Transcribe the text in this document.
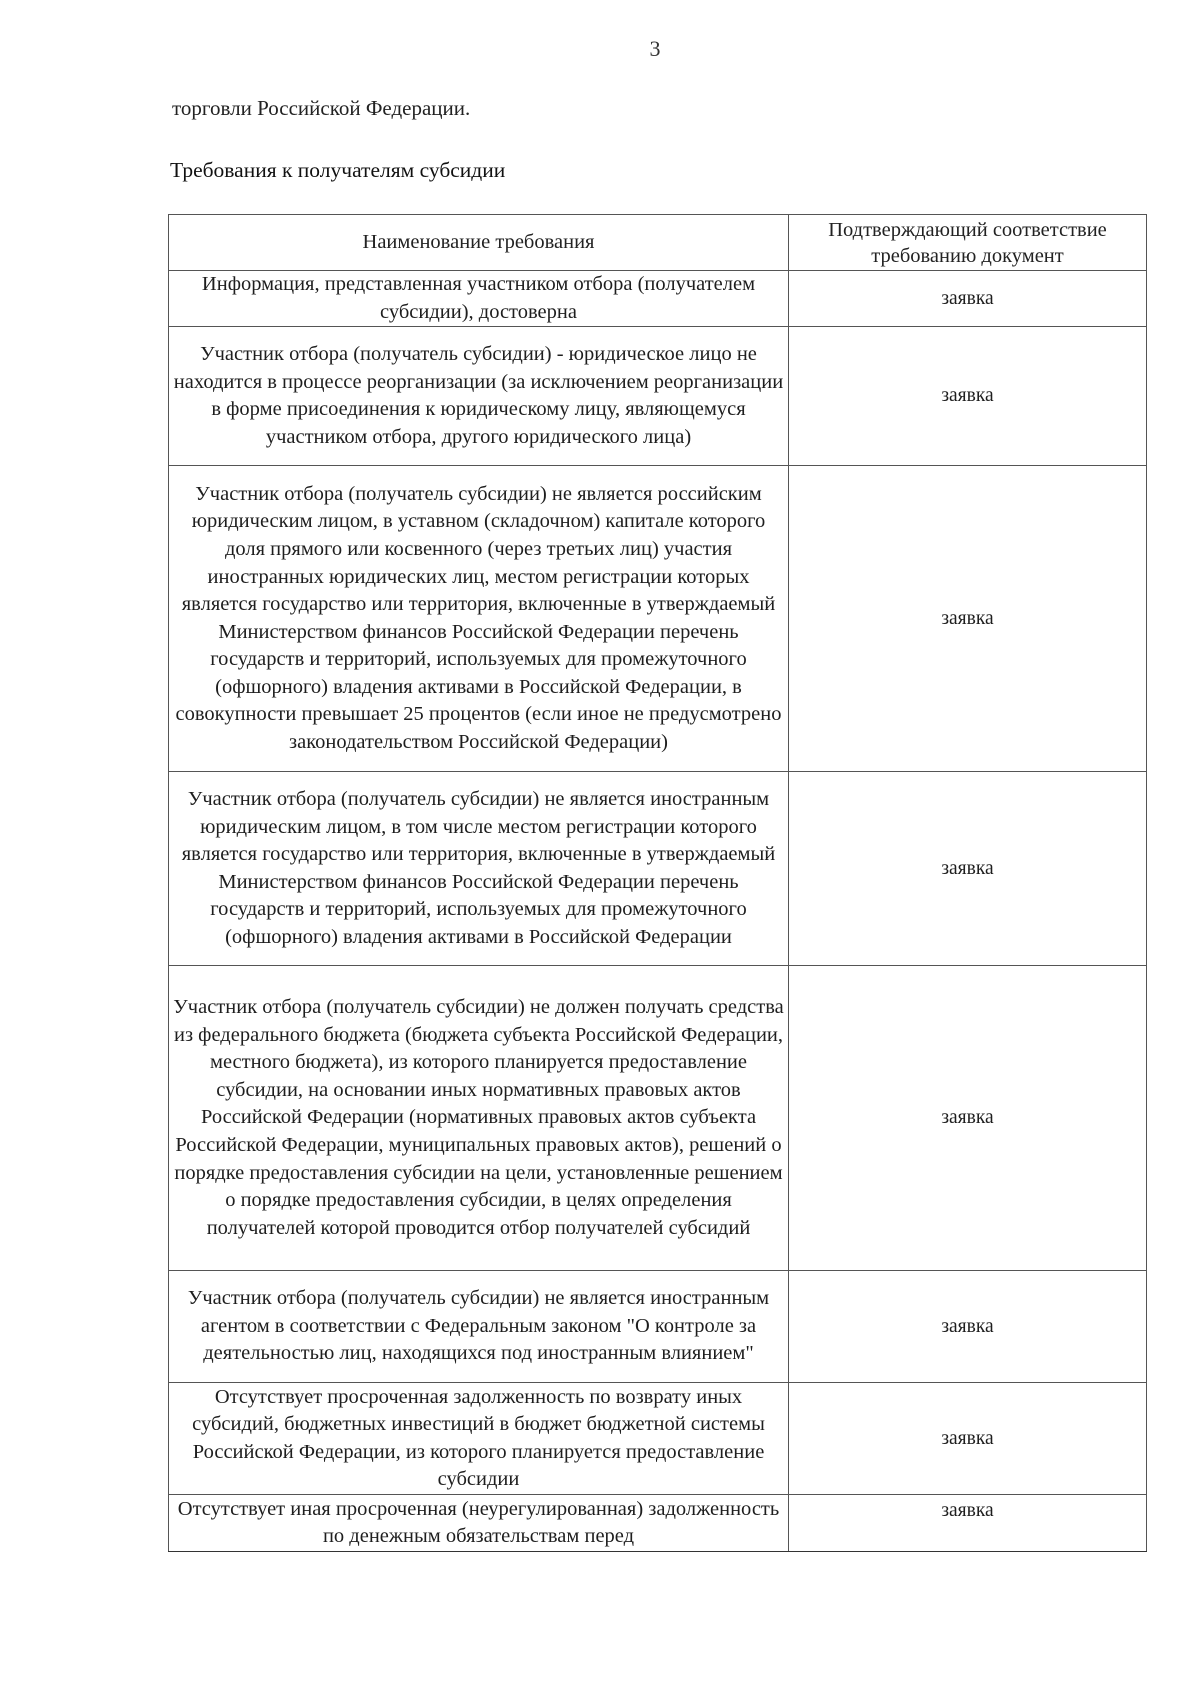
3
торговли Российской Федерации.
Требования к получателям субсидии
Наименование требования	Подтверждающий соответствие требованию документ
Информация, представленная участником отбора (получателем субсидии), достоверна	заявка
Участник отбора (получатель субсидии) - юридическое лицо не находится в процессе реорганизации (за исключением реорганизации в форме присоединения к юридическому лицу, являющемуся участником отбора, другого юридического лица)	заявка
Участник отбора (получатель субсидии) не является российским юридическим лицом, в уставном (складочном) капитале которого доля прямого или косвенного (через третьих лиц) участия иностранных юридических лиц, местом регистрации которых является государство или территория, включенные в утверждаемый Министерством финансов Российской Федерации перечень государств и территорий, используемых для промежуточного (офшорного) владения активами в Российской Федерации, в совокупности превышает 25 процентов (если иное не предусмотрено законодательством Российской Федерации)	заявка
Участник отбора (получатель субсидии) не является иностранным юридическим лицом, в том числе местом регистрации которого является государство или территория, включенные в утверждаемый Министерством финансов Российской Федерации перечень государств и территорий, используемых для промежуточного (офшорного) владения активами в Российской Федерации	заявка
Участник отбора (получатель субсидии) не должен получать средства из федерального бюджета (бюджета субъекта Российской Федерации, местного бюджета), из которого планируется предоставление субсидии, на основании иных нормативных правовых актов Российской Федерации (нормативных правовых актов субъекта Российской Федерации, муниципальных правовых актов), решений о порядке предоставления субсидии на цели, установленные решением о порядке предоставления субсидии, в целях определения получателей которой проводится отбор получателей субсидий	заявка
Участник отбора (получатель субсидии) не является иностранным агентом в соответствии с Федеральным законом "О контроле за деятельностью лиц, находящихся под иностранным влиянием"	заявка
Отсутствует просроченная задолженность по возврату иных субсидий, бюджетных инвестиций в бюджет бюджетной системы Российской Федерации, из которого планируется предоставление субсидии	заявка
Отсутствует иная просроченная (неурегулированная) задолженность по денежным обязательствам перед	заявка
